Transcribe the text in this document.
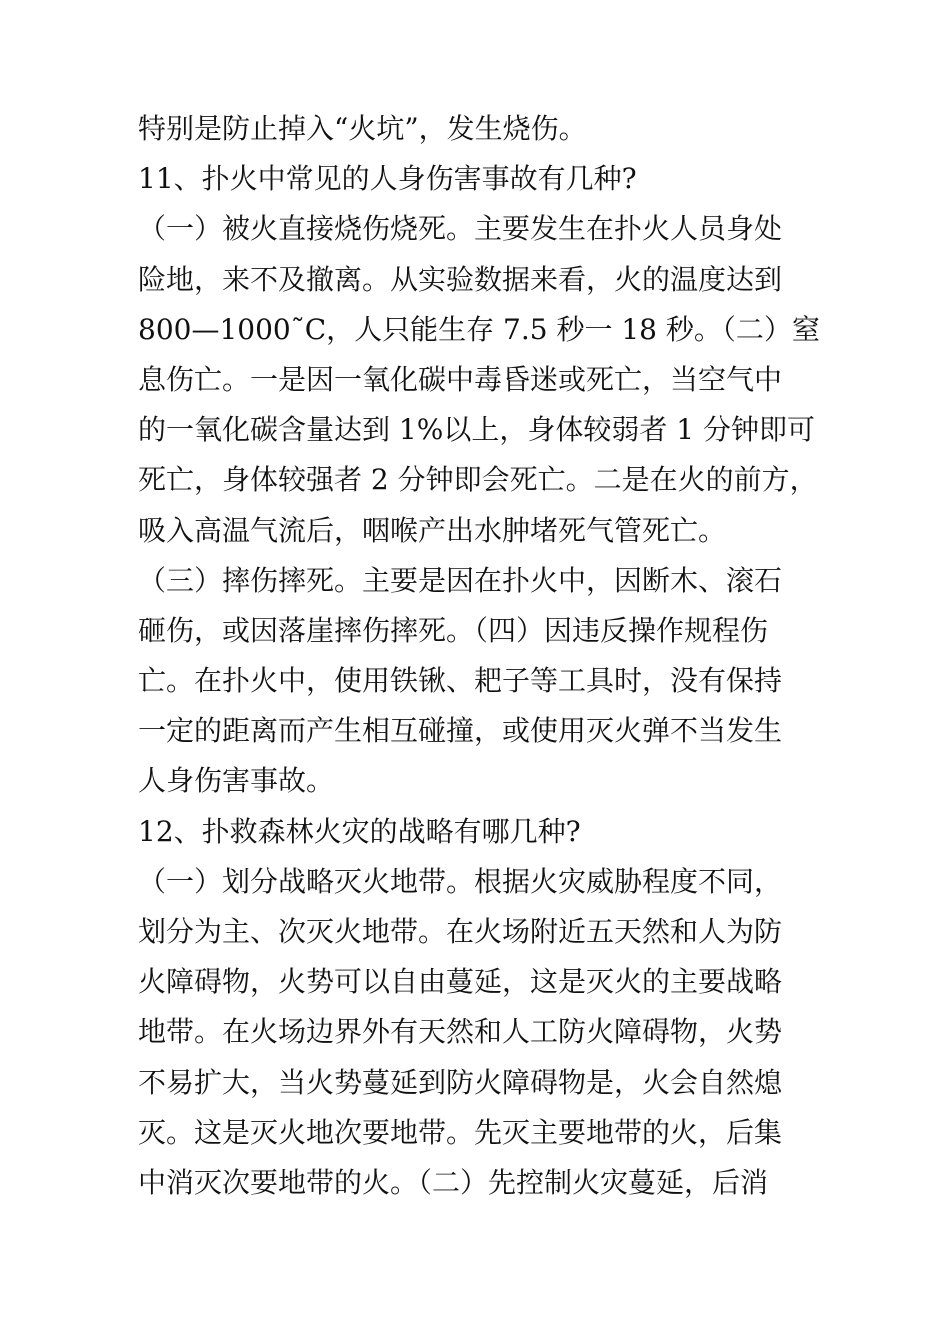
特别是防止掉入“火坑”，发生烧伤。
11、扑火中常见的人身伤害事故有几种?
（一）被火直接烧伤烧死。主要发生在扑火人员身处
险地，来不及撤离。从实验数据来看，火的温度达到
800—1000˜C，人只能生存 7.5 秒一 18 秒。（二）窒
息伤亡。一是因一氧化碳中毒昏迷或死亡，当空气中
的一氧化碳含量达到 1%以上，身体较弱者 1 分钟即可
死亡，身体较强者 2 分钟即会死亡。二是在火的前方，
吸入高温气流后，咽喉产出水肿堵死气管死亡。
（三）摔伤摔死。主要是因在扑火中，因断木、滚石
砸伤，或因落崖摔伤摔死。（四）因违反操作规程伤
亡。在扑火中，使用铁锹、耙子等工具时，没有保持
一定的距离而产生相互碰撞，或使用灭火弹不当发生
人身伤害事故。
12、扑救森林火灾的战略有哪几种?
（一）划分战略灭火地带。根据火灾威胁程度不同，
划分为主、次灭火地带。在火场附近五天然和人为防
火障碍物，火势可以自由蔓延，这是灭火的主要战略
地带。在火场边界外有天然和人工防火障碍物，火势
不易扩大，当火势蔓延到防火障碍物是，火会自然熄
灭。这是灭火地次要地带。先灭主要地带的火，后集
中消灭次要地带的火。（二）先控制火灾蔓延，后消
